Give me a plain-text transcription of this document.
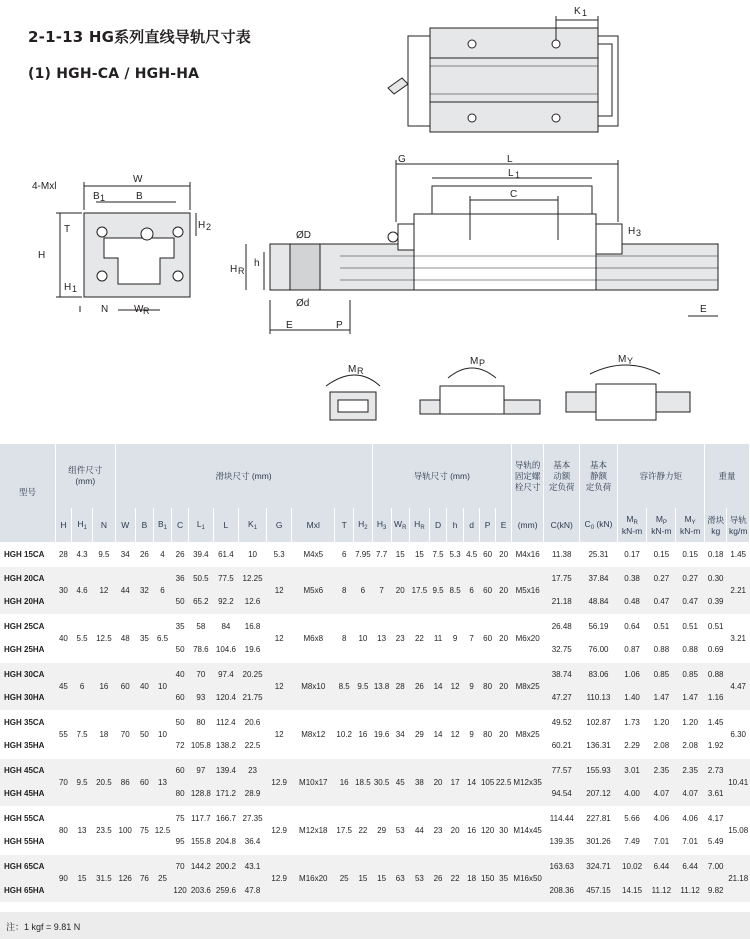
K 1
G	L
L 1
C
H 3
4-Mxl
W
B
B 1
T	H 2
H
H 1
N	W R
ØD
H R
h
Ød
E	P
E
M R
M P	M Y
2-1-13 HG系列直线导轨尺寸表
(1) HGH-CA / HGH-HA
型号	组件尺寸
(mm)			滑块尺寸 (mm)											导轨尺寸 (mm)								导轨的
固定螺
栓尺寸	基本
动额
定负荷	基本
静额
定负荷	容许静力矩			重量	
	H	$H_1$	N	W	B	$B_1$	C	$L_1$	L	$K_1$	G	Mxl	T	$H_2$	$H_3$	$W_R$	$H_R$	D	h	d	P	E	(mm)	C(kN)	$C_0$ (kN)	$M_R$
kN-m	$M_P$
kN-m	$M_Y$
kN-m	滑块
kg	导轨
kg/m
HGH 15CA	28	4.3	9.5	34	26	4	26	39.4	61.4	10	5.3	M4x5	6	7.95	7.7	15	15	7.5	5.3	4.5	60	20	M4x16	11.38	25.31	0.17	0.15	0.15	0.18	1.45
HGH 20CA	30	4.6	12	44	32	6	36	50.5	77.5	12.25	12	M5x6	8	6	7	20	17.5	9.5	8.5	6	60	20	M5x16	17.75	37.84	0.38	0.27	0.27	0.30	2.21
HGH 20HA							50	65.2	92.2	12.6														21.18	48.84	0.48	0.47	0.47	0.39	
HGH 25CA	40	5.5	12.5	48	35	6.5	35	58	84	16.8	12	M6x8	8	10	13	23	22	11	9	7	60	20	M6x20	26.48	56.19	0.64	0.51	0.51	0.51	3.21
HGH 25HA							50	78.6	104.6	19.6														32.75	76.00	0.87	0.88	0.88	0.69	
HGH 30CA	45	6	16	60	40	10	40	70	97.4	20.25	12	M8x10	8.5	9.5	13.8	28	26	14	12	9	80	20	M8x25	38.74	83.06	1.06	0.85	0.85	0.88	4.47
HGH 30HA							60	93	120.4	21.75														47.27	110.13	1.40	1.47	1.47	1.16	
HGH 35CA	55	7.5	18	70	50	10	50	80	112.4	20.6	12	M8x12	10.2	16	19.6	34	29	14	12	9	80	20	M8x25	49.52	102.87	1.73	1.20	1.20	1.45	6.30
HGH 35HA							72	105.8	138.2	22.5														60.21	136.31	2.29	2.08	2.08	1.92	
HGH 45CA	70	9.5	20.5	86	60	13	60	97	139.4	23	12.9	M10x17	16	18.5	30.5	45	38	20	17	14	105	22.5	M12x35	77.57	155.93	3.01	2.35	2.35	2.73	10.41
HGH 45HA							80	128.8	171.2	28.9														94.54	207.12	4.00	4.07	4.07	3.61	
HGH 55CA	80	13	23.5	100	75	12.5	75	117.7	166.7	27.35	12.9	M12x18	17.5	22	29	53	44	23	20	16	120	30	M14x45	114.44	227.81	5.66	4.06	4.06	4.17	15.08
HGH 55HA							95	155.8	204.8	36.4														139.35	301.26	7.49	7.01	7.01	5.49	
HGH 65CA	90	15	31.5	126	76	25	70	144.2	200.2	43.1	12.9	M16x20	25	15	15	63	53	26	22	18	150	35	M16x50	163.63	324.71	10.02	6.44	6.44	7.00	21.18
HGH 65HA							120	203.6	259.6	47.8														208.36	457.15	14.15	11.12	11.12	9.82	
注：1 kgf = 9.81 N
